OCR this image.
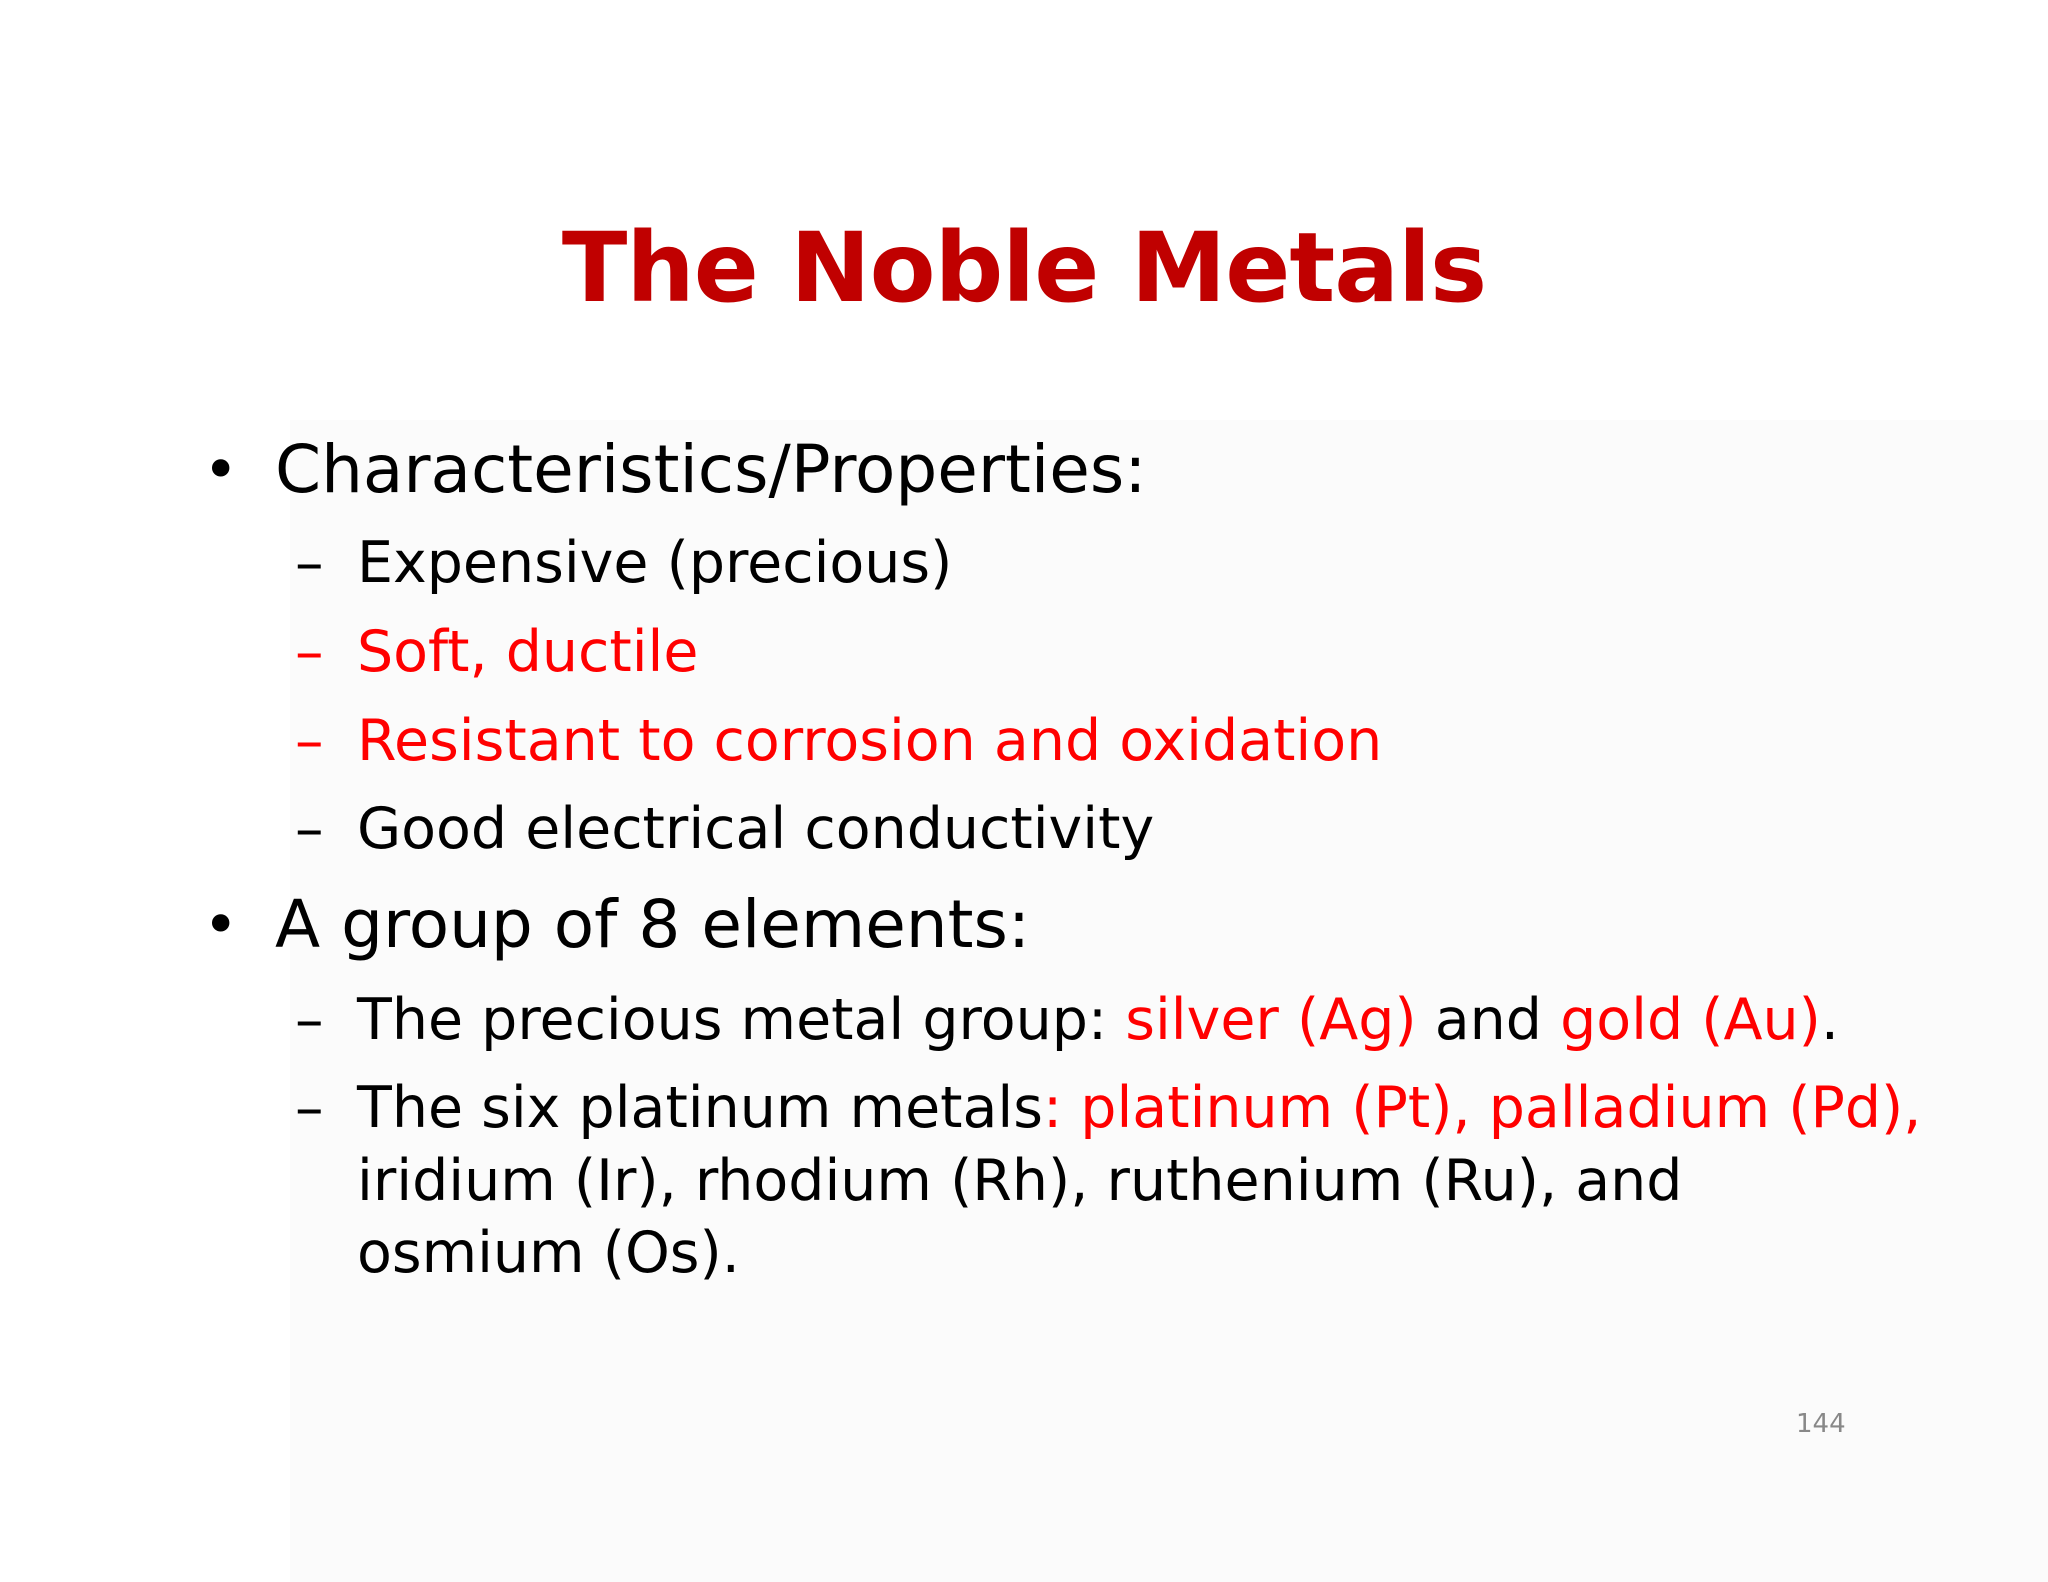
The Noble Metals
• Characteristics/Properties:
– Expensive (precious)
– Soft, ductile
– Resistant to corrosion and oxidation
– Good electrical conductivity
• A group of 8 elements:
– The precious metal group: silver (Ag) and gold (Au).
– The six platinum metals: platinum (Pt), palladium (Pd),
iridium (Ir), rhodium (Rh), ruthenium (Ru), and
osmium (Os).
144
